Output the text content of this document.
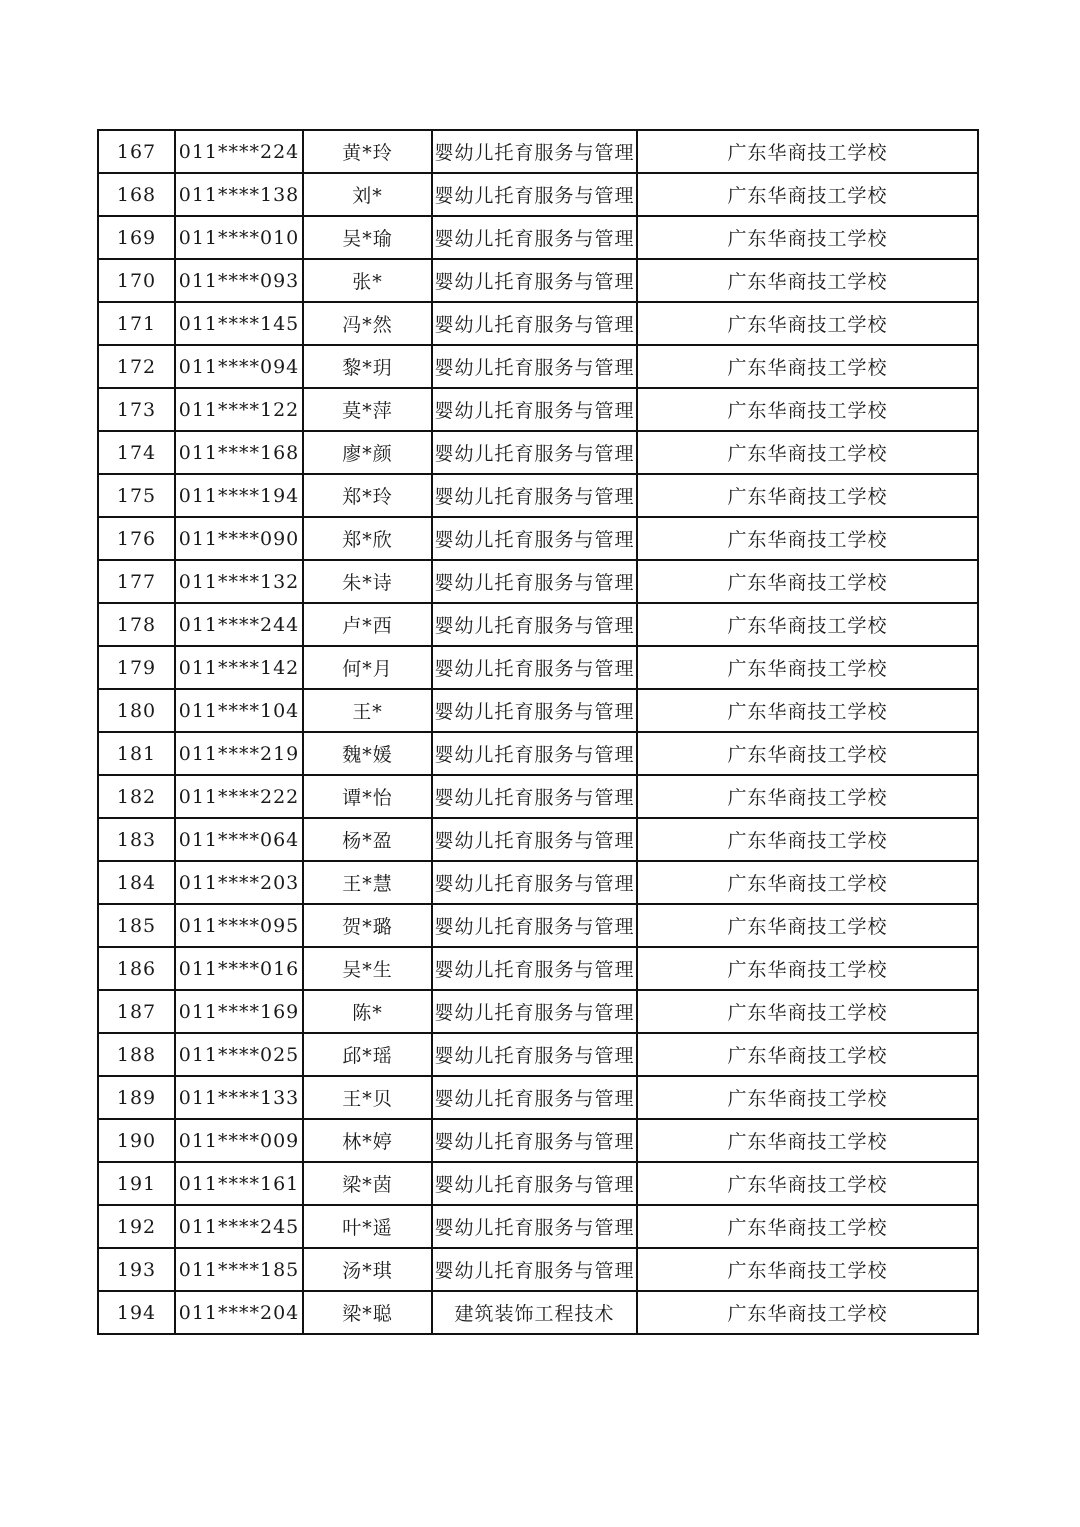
167	011****224	黄*玲	婴幼儿托育服务与管理	广东华商技工学校
168	011****138	刘*	婴幼儿托育服务与管理	广东华商技工学校
169	011****010	吴*瑜	婴幼儿托育服务与管理	广东华商技工学校
170	011****093	张*	婴幼儿托育服务与管理	广东华商技工学校
171	011****145	冯*然	婴幼儿托育服务与管理	广东华商技工学校
172	011****094	黎*玥	婴幼儿托育服务与管理	广东华商技工学校
173	011****122	莫*萍	婴幼儿托育服务与管理	广东华商技工学校
174	011****168	廖*颜	婴幼儿托育服务与管理	广东华商技工学校
175	011****194	郑*玲	婴幼儿托育服务与管理	广东华商技工学校
176	011****090	郑*欣	婴幼儿托育服务与管理	广东华商技工学校
177	011****132	朱*诗	婴幼儿托育服务与管理	广东华商技工学校
178	011****244	卢*西	婴幼儿托育服务与管理	广东华商技工学校
179	011****142	何*月	婴幼儿托育服务与管理	广东华商技工学校
180	011****104	王*	婴幼儿托育服务与管理	广东华商技工学校
181	011****219	魏*媛	婴幼儿托育服务与管理	广东华商技工学校
182	011****222	谭*怡	婴幼儿托育服务与管理	广东华商技工学校
183	011****064	杨*盈	婴幼儿托育服务与管理	广东华商技工学校
184	011****203	王*慧	婴幼儿托育服务与管理	广东华商技工学校
185	011****095	贺*璐	婴幼儿托育服务与管理	广东华商技工学校
186	011****016	吴*生	婴幼儿托育服务与管理	广东华商技工学校
187	011****169	陈*	婴幼儿托育服务与管理	广东华商技工学校
188	011****025	邱*瑶	婴幼儿托育服务与管理	广东华商技工学校
189	011****133	王*贝	婴幼儿托育服务与管理	广东华商技工学校
190	011****009	林*婷	婴幼儿托育服务与管理	广东华商技工学校
191	011****161	梁*茵	婴幼儿托育服务与管理	广东华商技工学校
192	011****245	叶*遥	婴幼儿托育服务与管理	广东华商技工学校
193	011****185	汤*琪	婴幼儿托育服务与管理	广东华商技工学校
194	011****204	梁*聪	建筑装饰工程技术	广东华商技工学校
